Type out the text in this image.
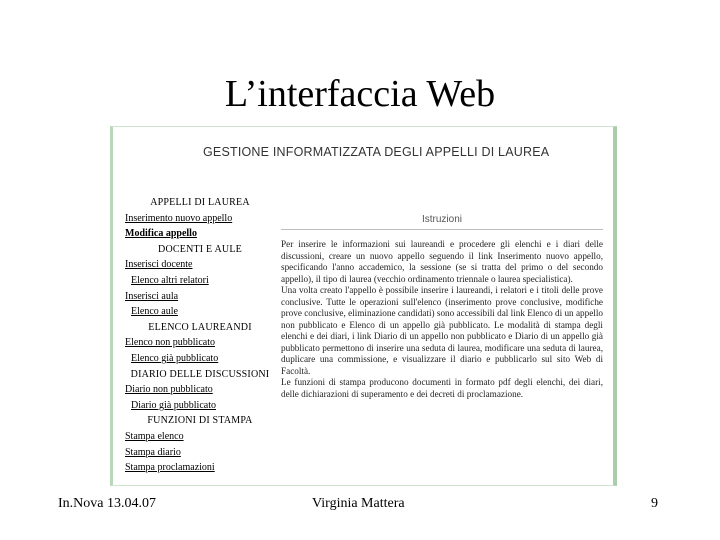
L’interfaccia Web
GESTIONE INFORMATIZZATA DEGLI APPELLI DI LAUREA
APPELLI DI LAUREA
Inserimento nuovo appello
Modifica appello
DOCENTI E AULE
Inserisci docente
Elenco altri relatori
Inserisci aula
Elenco aule
ELENCO LAUREANDI
Elenco non pubblicato
Elenco già pubblicato
DIARIO DELLE DISCUSSIONI
Diario non pubblicato
Diario già pubblicato
FUNZIONI DI STAMPA
Stampa elenco
Stampa diario
Stampa proclamazioni
Istruzioni

Per inserire le informazioni sui laureandi e procedere gli elenchi e i diari delle discussioni, creare un nuovo appello seguendo il link Inserimento nuovo appello, specificando l'anno accademico, la sessione (se si tratta del primo o del secondo appello), il tipo di laurea (vecchio ordinamento triennale o laurea specialistica).

Una volta creato l'appello è possibile inserire i laureandi, i relatori e i titoli delle prove conclusive. Tutte le operazioni sull'elenco (inserimento prove conclusive, modifiche prove conclusive, eliminazione candidati) sono accessibili dal link Elenco di un appello non pubblicato e Elenco di un appello già pubblicato. Le modalità di stampa degli elenchi e dei diari, i link Diario di un appello non pubblicato e Diario di un appello già pubblicato permettono di inserire una seduta di laurea, modificare una seduta di laurea, duplicare una commissione, e visualizzare il diario e pubblicarlo sul sito Web di Facoltà.

Le funzioni di stampa producono documenti in formato pdf degli elenchi, dei diari, delle dichiarazioni di superamento e dei decreti di proclamazione.

In.Nova 13.04.07	Virginia Mattera	9
